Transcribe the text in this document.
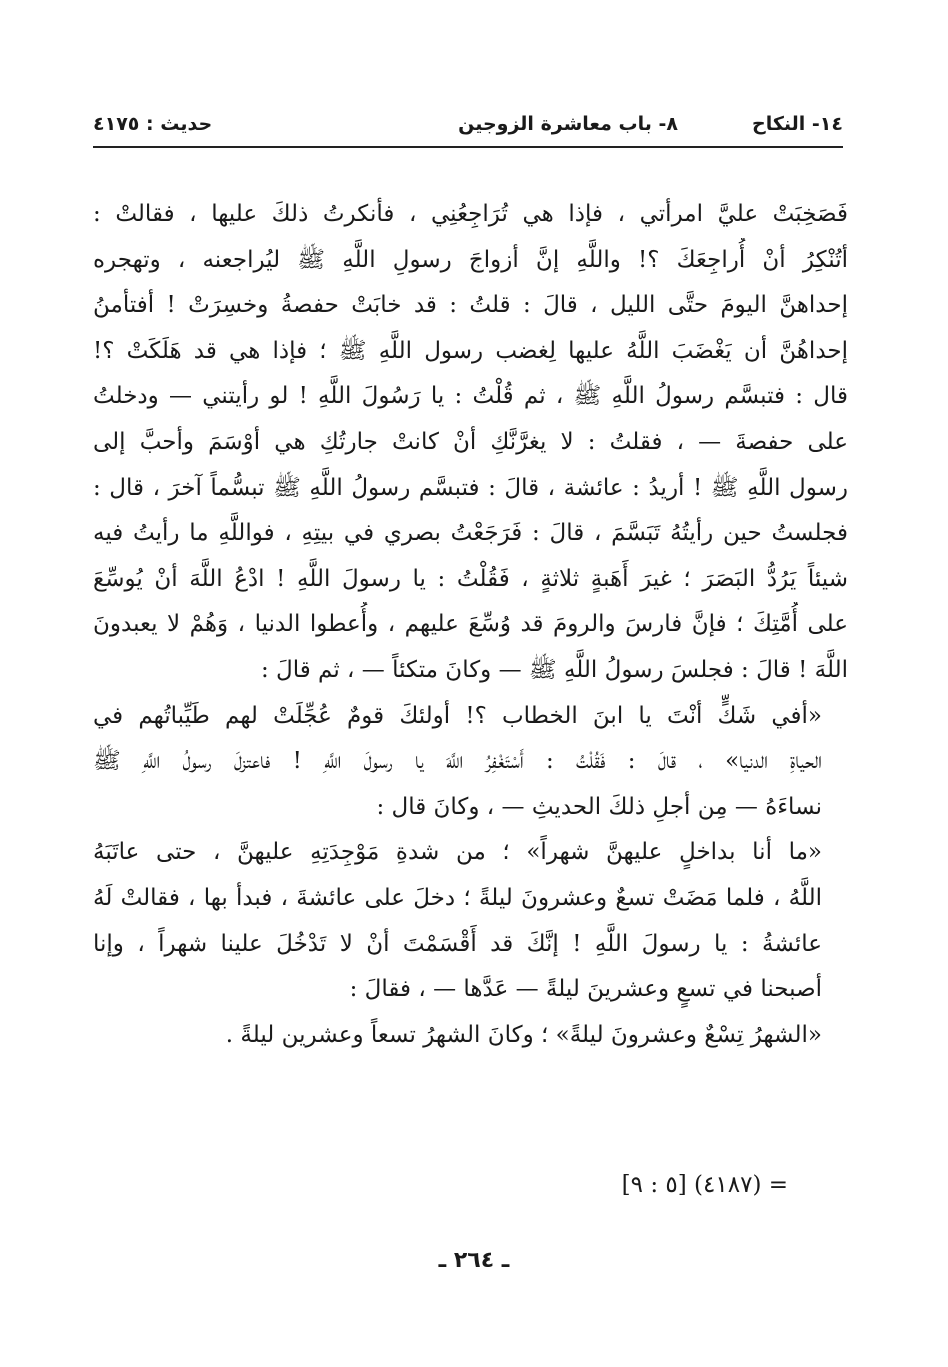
١٤- النكاح
٨- باب معاشرة الزوجين
حديث : ٤١٧٥
فَصَخِبَتْ عليَّ امرأتي ، فإذا هي تُرَاجِعُنِي ، فأنكرتُ ذلكَ عليها ، فقالتْ :
أتُنْكِرُ أنْ أُراجِعَكَ ؟! واللَّهِ إنَّ أزواجَ رسولِ اللَّهِ ﷺ ليُراجعنه ، وتهجره
إحداهنَّ اليومَ حتَّى الليل ، قالَ : قلتُ : قد خابَتْ حفصةُ وخسِرَتْ ! أفتأمنُ
إحداهُنَّ أن يَغْضَبَ اللَّهُ عليها لِغضب رسول اللَّهِ ﷺ ؛ فإذا هي قد هَلَكَتْ ؟!
قال : فتبسَّم رسولُ اللَّهِ ﷺ ، ثم قُلْتُ : يا رَسُولَ اللَّهِ ! لو رأيتني — ودخلتُ
على حفصةَ — ، فقلتُ : لا يغرَّنَّكِ أنْ كانتْ جارتُكِ هي أوْسَمَ وأحبَّ إلى
رسول اللَّهِ ﷺ ! أريدُ : عائشة ، قالَ : فتبسَّم رسولُ اللَّهِ ﷺ تبسُّماً آخرَ ، قال :
فجلستُ حين رأيتُهُ تَبَسَّمَ ، قالَ : فَرَجَعْتُ بصري في بيتِهِ ، فواللَّهِ ما رأيتُ فيه
شيئاً يَرُدُّ البَصَرَ ؛ غيرَ أَهَبةٍ ثلاثةٍ ، فَقُلْتُ : يا رسولَ اللَّهِ ! ادْعُ اللَّهَ أنْ يُوسِّعَ
على أُمَّتِكَ ؛ فإنَّ فارسَ والرومَ قد وُسِّعَ عليهم ، وأُعطوا الدنيا ، وَهُمْ لا يعبدونَ
اللَّهَ ! قالَ : فجلسَ رسولُ اللَّهِ ﷺ — وكانَ متكئاً — ، ثم قالَ :
«أفي شَكٍّ أنْتَ يا ابنَ الخطاب ؟! أولئكَ قومٌ عُجِّلَتْ لهم طَيِّباتُهم في
الحياةِ الدنيا» ، قالَ : فَقُلْتُ : أَسْتَغْفِرُ اللَّهَ يا رسولَ اللَّهِ ! فاعتزلَ رسولُ اللَّهِ ﷺ
نساءَهُ — مِن أجلِ ذلكَ الحديثِ — ، وكانَ قال :
«ما أنا بداخلٍ عليهنَّ شهراً» ؛ من شدةِ مَوْجِدَتِهِ عليهنَّ ، حتى عاتَبَهُ
اللَّهُ ، فلما مَضَتْ تسعٌ وعشرونَ ليلةً ؛ دخلَ على عائشةَ ، فبدأ بها ، فقالتْ لَهُ
عائشةُ : يا رسولَ اللَّهِ ! إنَّكَ قد أَقْسَمْتَ أنْ لا تَدْخُلَ علينا شهراً ، وإنا
أصبحنا في تسعٍ وعشرينَ ليلةً — عَدَّها — ، فقالَ :
«الشهرُ تِسْعٌ وعشرونَ ليلةً» ؛ وكانَ الشهرُ تسعاً وعشرين ليلةً .
= (٤١٨٧) [٥ : ٩]
ـ ٢٦٤ ـ
